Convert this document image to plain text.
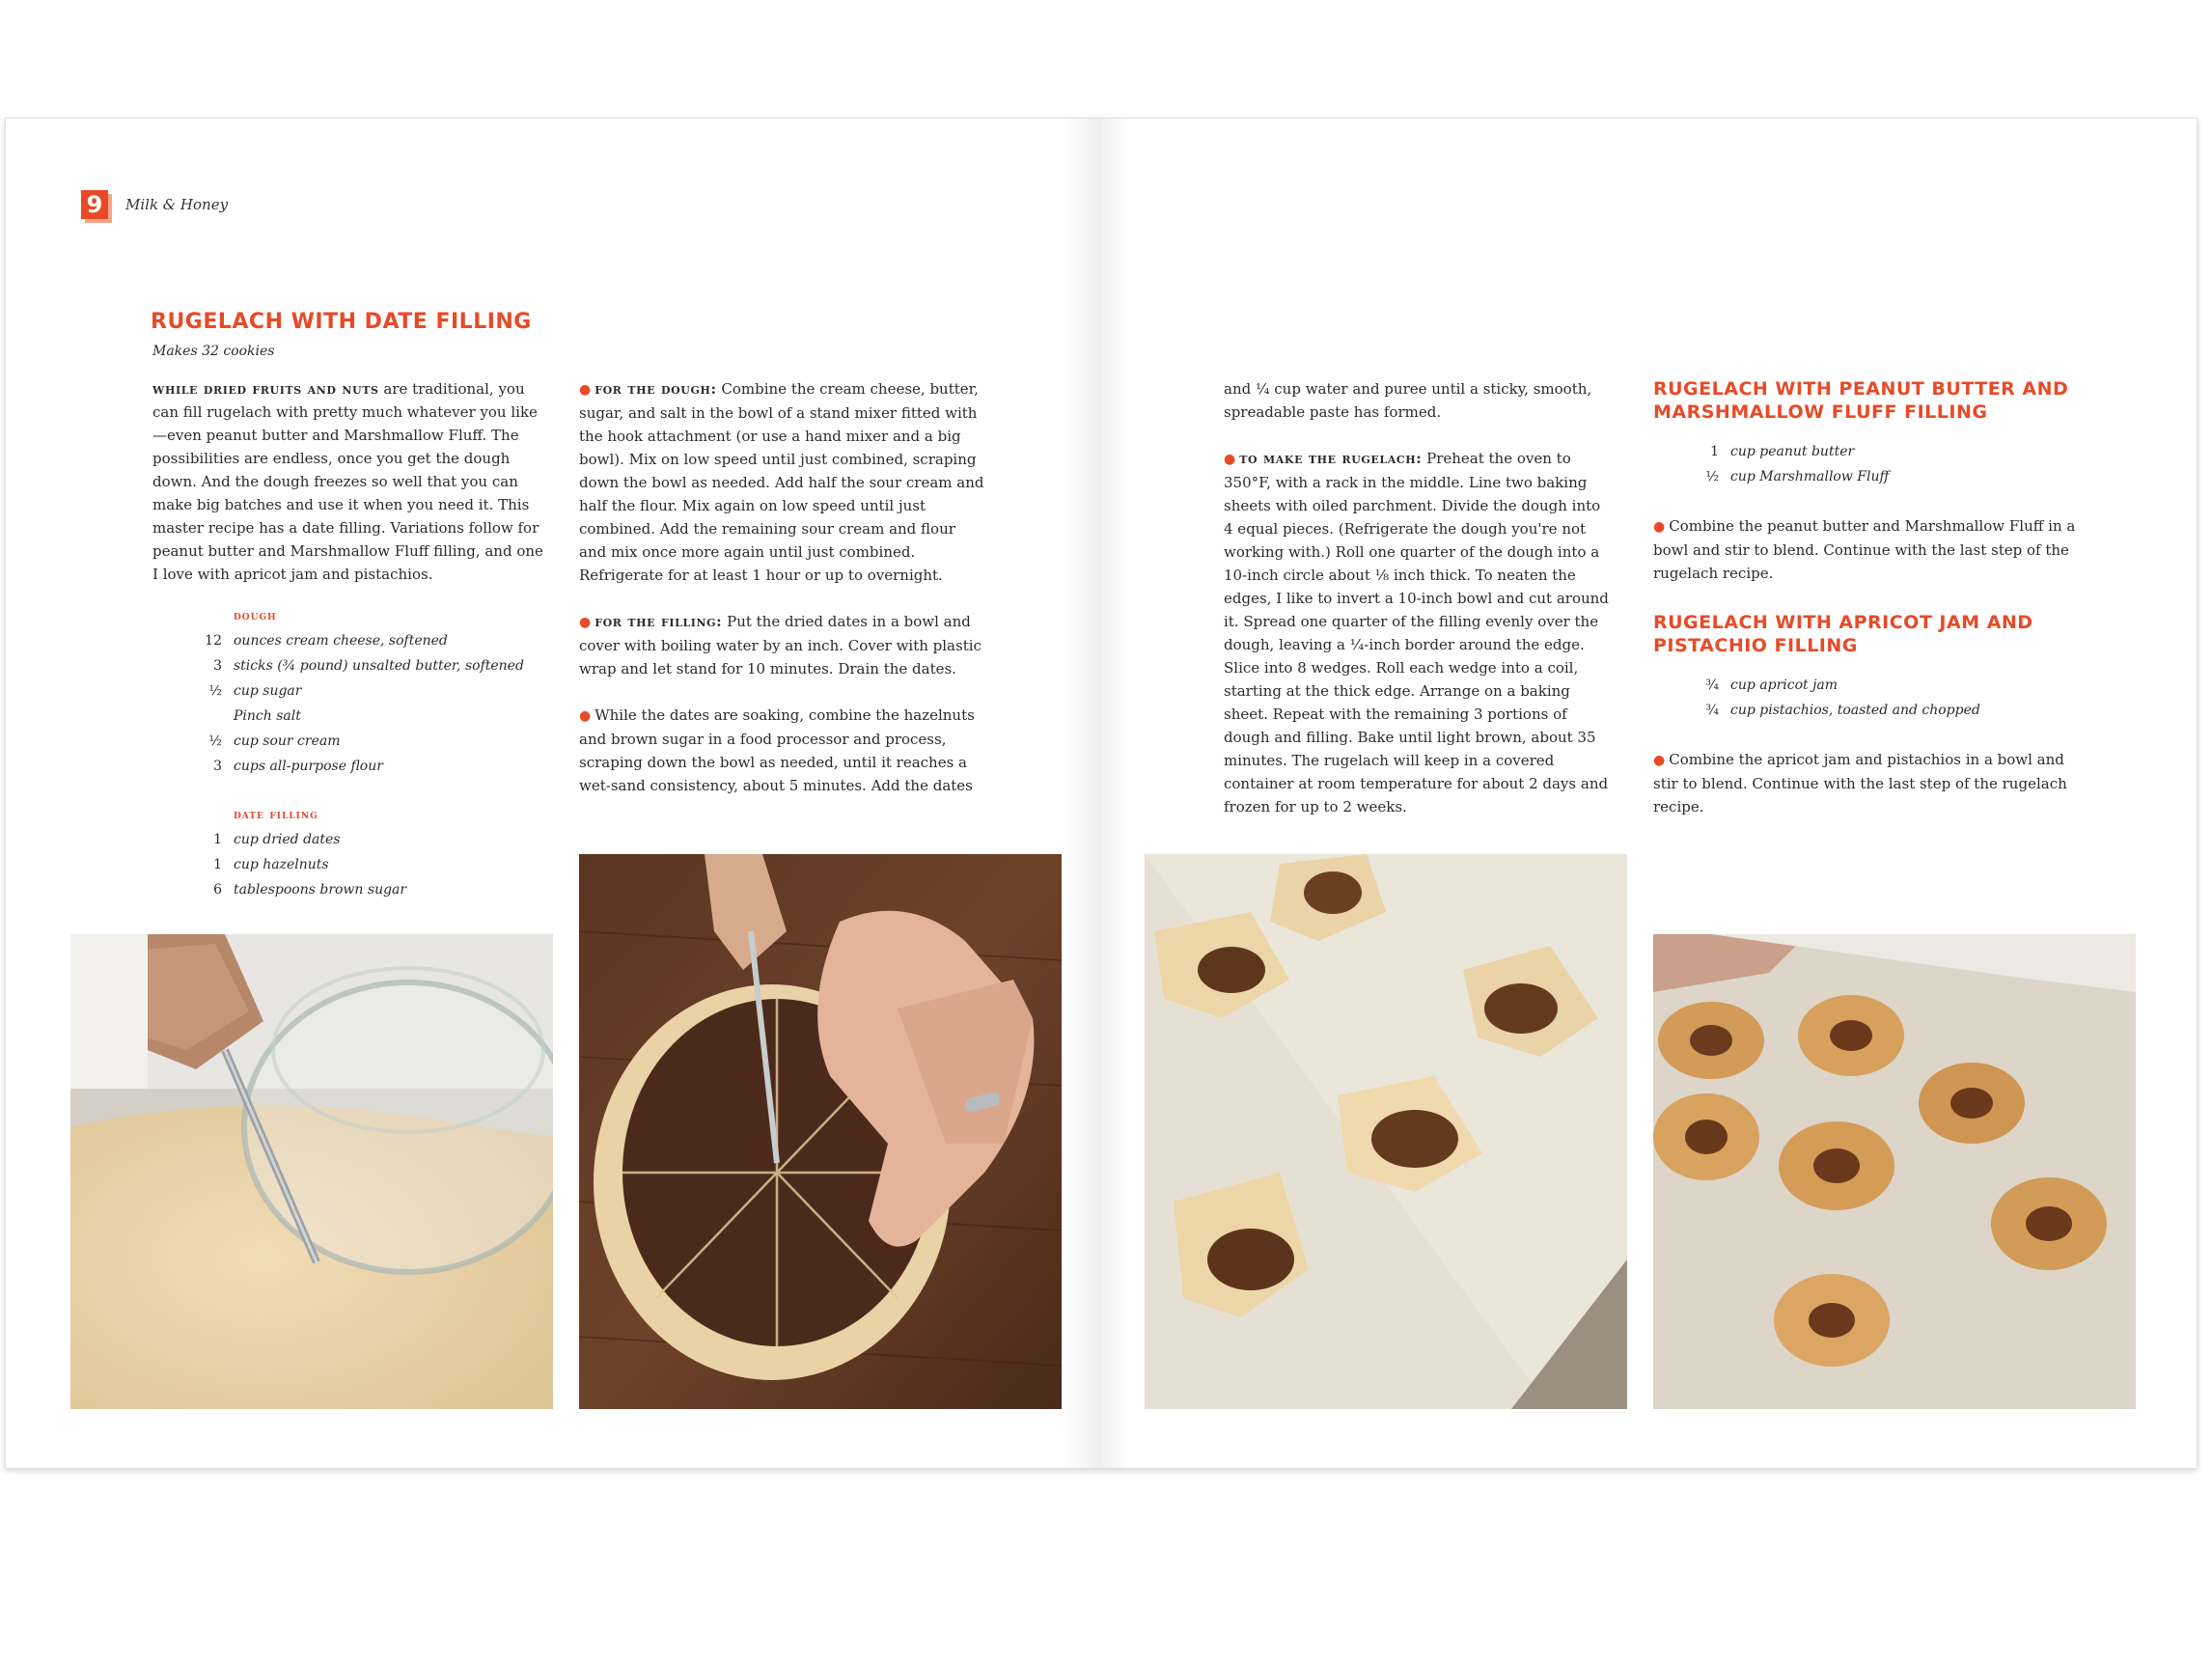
9	Milk & Honey
RUGELACH WITH DATE FILLING
Makes 32 cookies

while dried fruits and nuts are traditional, you can fill rugelach with pretty much whatever you like—even peanut butter and Marshmallow Fluff. The possibilities are endless, once you get the dough down. And the dough freezes so well that you can make big batches and use it when you need it. This master recipe has a date filling. Variations follow for peanut butter and Marshmallow Fluff filling, and one I love with apricot jam and pistachios.

dough
12 ounces cream cheese, softened
3 sticks (¾ pound) unsalted butter, softened
½ cup sugar
Pinch salt
½ cup sour cream
3 cups all-purpose flour
date filling
1 cup dried dates
1 cup hazelnuts
6 tablespoons brown sugar

● for the dough: Combine the cream cheese, butter, sugar, and salt in the bowl of a stand mixer fitted with the hook attachment (or use a hand mixer and a big bowl). Mix on low speed until just combined, scraping down the bowl as needed. Add half the sour cream and half the flour. Mix again on low speed until just combined. Add the remaining sour cream and flour and mix once more again until just combined. Refrigerate for at least 1 hour or up to overnight.

● for the filling: Put the dried dates in a bowl and cover with boiling water by an inch. Cover with plastic wrap and let stand for 10 minutes. Drain the dates.

● While the dates are soaking, combine the hazelnuts and brown sugar in a food processor and process, scraping down the bowl as needed, until it reaches a wet-sand consistency, about 5 minutes. Add the dates

and ¼ cup water and puree until a sticky, smooth, spreadable paste has formed.

● to make the rugelach: Preheat the oven to 350°F, with a rack in the middle. Line two baking sheets with oiled parchment. Divide the dough into 4 equal pieces. (Refrigerate the dough you're not working with.) Roll one quarter of the dough into a 10-inch circle about ⅛ inch thick. To neaten the edges, I like to invert a 10-inch bowl and cut around it. Spread one quarter of the filling evenly over the dough, leaving a ¼-inch border around the edge. Slice into 8 wedges. Roll each wedge into a coil, starting at the thick edge. Arrange on a baking sheet. Repeat with the remaining 3 portions of dough and filling. Bake until light brown, about 35 minutes. The rugelach will keep in a covered container at room temperature for about 2 days and frozen for up to 2 weeks.

RUGELACH WITH PEANUT BUTTER AND MARSHMALLOW FLUFF FILLING
1 cup peanut butter
½ cup Marshmallow Fluff

● Combine the peanut butter and Marshmallow Fluff in a bowl and stir to blend. Continue with the last step of the rugelach recipe.

RUGELACH WITH APRICOT JAM AND PISTACHIO FILLING
¾ cup apricot jam
¾ cup pistachios, toasted and chopped

● Combine the apricot jam and pistachios in a bowl and stir to blend. Continue with the last step of the rugelach recipe.
